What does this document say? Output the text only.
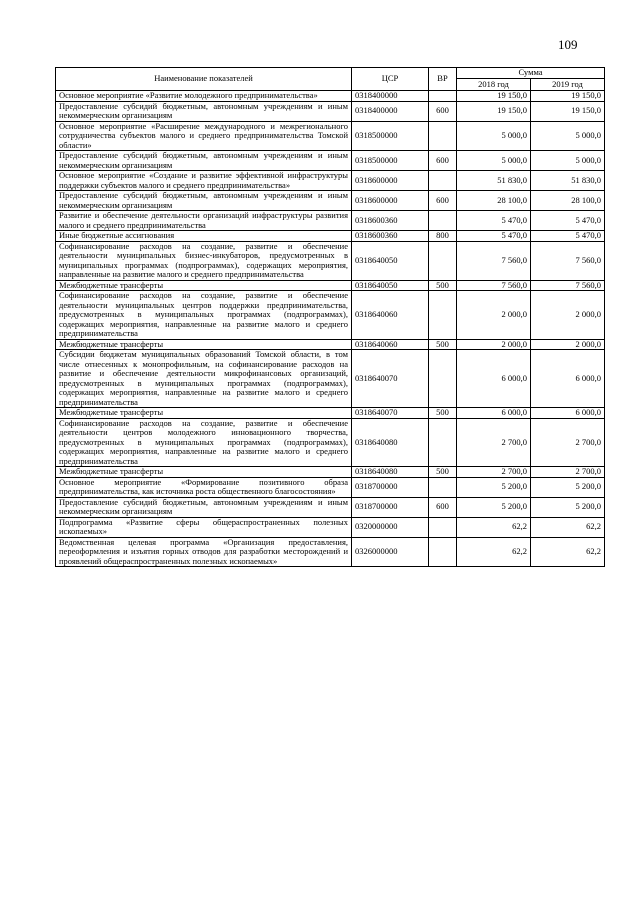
109
Наименование показателей	ЦСР	ВР	Сумма	
			2018 год	2019 год
Основное мероприятие «Развитие молодежного предпринимательства»	0318400000		19 150,0	19 150,0
Предоставление субсидий бюджетным, автономным учреждениям и иным некоммерческим организациям	0318400000	600	19 150,0	19 150,0
Основное мероприятие «Расширение международного и межрегионального сотрудничества субъектов малого и среднего предпринимательства Томской области»	0318500000		5 000,0	5 000,0
Предоставление субсидий бюджетным, автономным учреждениям и иным некоммерческим организациям	0318500000	600	5 000,0	5 000,0
Основное мероприятие «Создание и развитие эффективной инфраструктуры поддержки субъектов малого и среднего предпринимательства»	0318600000		51 830,0	51 830,0
Предоставление субсидий бюджетным, автономным учреждениям и иным некоммерческим организациям	0318600000	600	28 100,0	28 100,0
Развитие и обеспечение деятельности организаций инфраструктуры развития малого и среднего предпринимательства	0318600360		5 470,0	5 470,0
Иные бюджетные ассигнования	0318600360	800	5 470,0	5 470,0
Софинансирование расходов на создание, развитие и обеспечение деятельности муниципальных бизнес-инкубаторов, предусмотренных в муниципальных программах (подпрограммах), содержащих мероприятия, направленные на развитие малого и среднего предпринимательства	0318640050		7 560,0	7 560,0
Межбюджетные трансферты	0318640050	500	7 560,0	7 560,0
Софинансирование расходов на создание, развитие и обеспечение деятельности муниципальных центров поддержки предпринимательства, предусмотренных в муниципальных программах (подпрограммах), содержащих мероприятия, направленные на развитие малого и среднего предпринимательства	0318640060		2 000,0	2 000,0
Межбюджетные трансферты	0318640060	500	2 000,0	2 000,0
Субсидии бюджетам муниципальных образований Томской области, в том числе отнесенных к монопрофильным, на софинансирование расходов на развитие и обеспечение деятельности микрофинансовых организаций, предусмотренных в муниципальных программах (подпрограммах), содержащих мероприятия, направленные на развитие малого и среднего предпринимательства	0318640070		6 000,0	6 000,0
Межбюджетные трансферты	0318640070	500	6 000,0	6 000,0
Софинансирование расходов на создание, развитие и обеспечение деятельности центров молодежного инновационного творчества, предусмотренных в муниципальных программах (подпрограммах), содержащих мероприятия, направленные на развитие малого и среднего предпринимательства	0318640080		2 700,0	2 700,0
Межбюджетные трансферты	0318640080	500	2 700,0	2 700,0
Основное мероприятие «Формирование позитивного образа предпринимательства, как источника роста общественного благосостояния»	0318700000		5 200,0	5 200,0
Предоставление субсидий бюджетным, автономным учреждениям и иным некоммерческим организациям	0318700000	600	5 200,0	5 200,0
Подпрограмма «Развитие сферы общераспространенных полезных ископаемых»	0320000000		62,2	62,2
Ведомственная целевая программа «Организация предоставления, переоформления и изъятия горных отводов для разработки месторождений и проявлений общераспространенных полезных ископаемых»	0326000000		62,2	62,2
